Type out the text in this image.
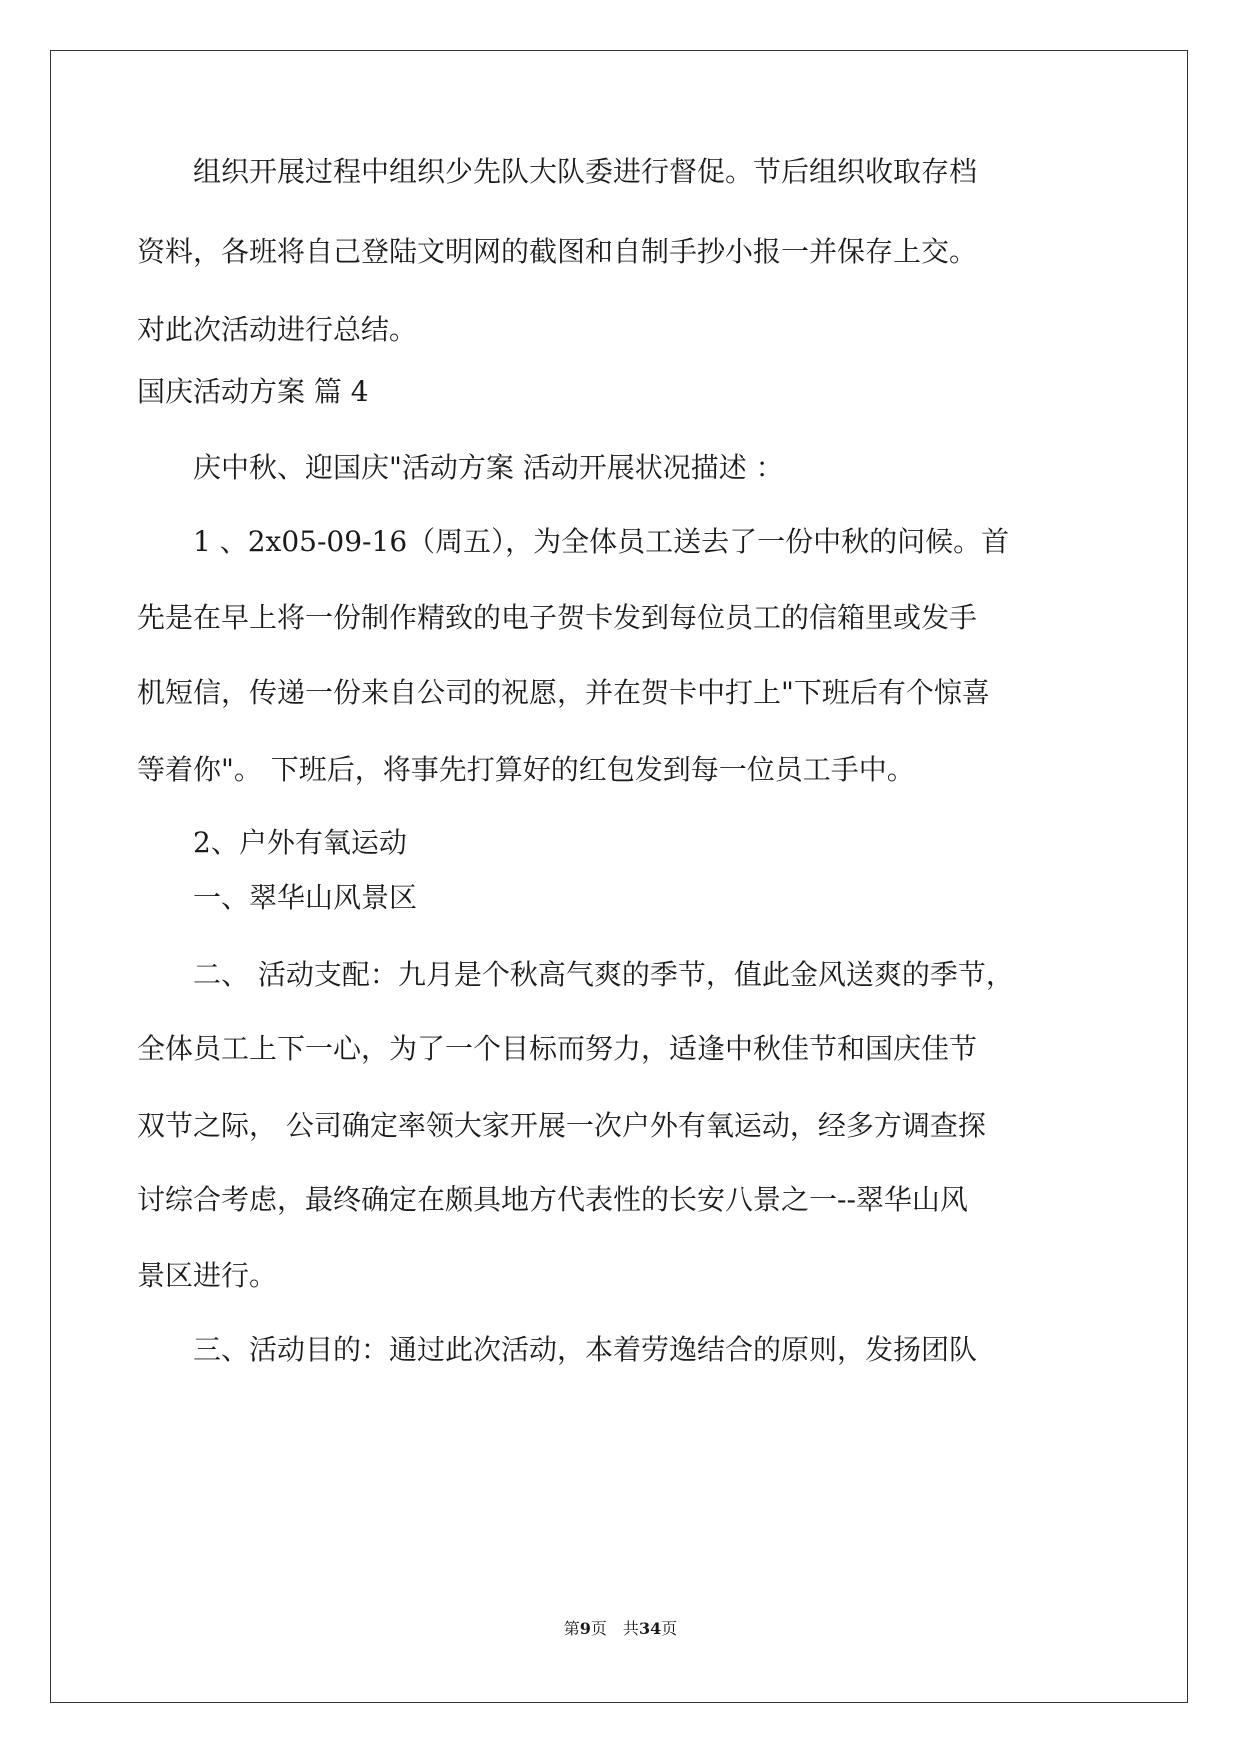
组织开展过程中组织少先队大队委进行督促。节后组织收取存档
资料，各班将自己登陆文明网的截图和自制手抄小报一并保存上交。
对此次活动进行总结。
国庆活动方案 篇 4
庆中秋、迎国庆"活动方案 活动开展状况描述 ：
1 、2x05-09-16（周五），为全体员工送去了一份中秋的问候。首
先是在早上将一份制作精致的电子贺卡发到每位员工的信箱里或发手
机短信，传递一份来自公司的祝愿，并在贺卡中打上"下班后有个惊喜
等着你"。 下班后，将事先打算好的红包发到每一位员工手中。
2、户外有氧运动
一、翠华山风景区
二、 活动支配：九月是个秋高气爽的季节，值此金风送爽的季节，
全体员工上下一心，为了一个目标而努力，适逢中秋佳节和国庆佳节
双节之际， 公司确定率领大家开展一次户外有氧运动，经多方调查探
讨综合考虑，最终确定在颇具地方代表性的长安八景之一--翠华山风
景区进行。
三、活动目的：通过此次活动，本着劳逸结合的原则，发扬团队
第9页　共34页
